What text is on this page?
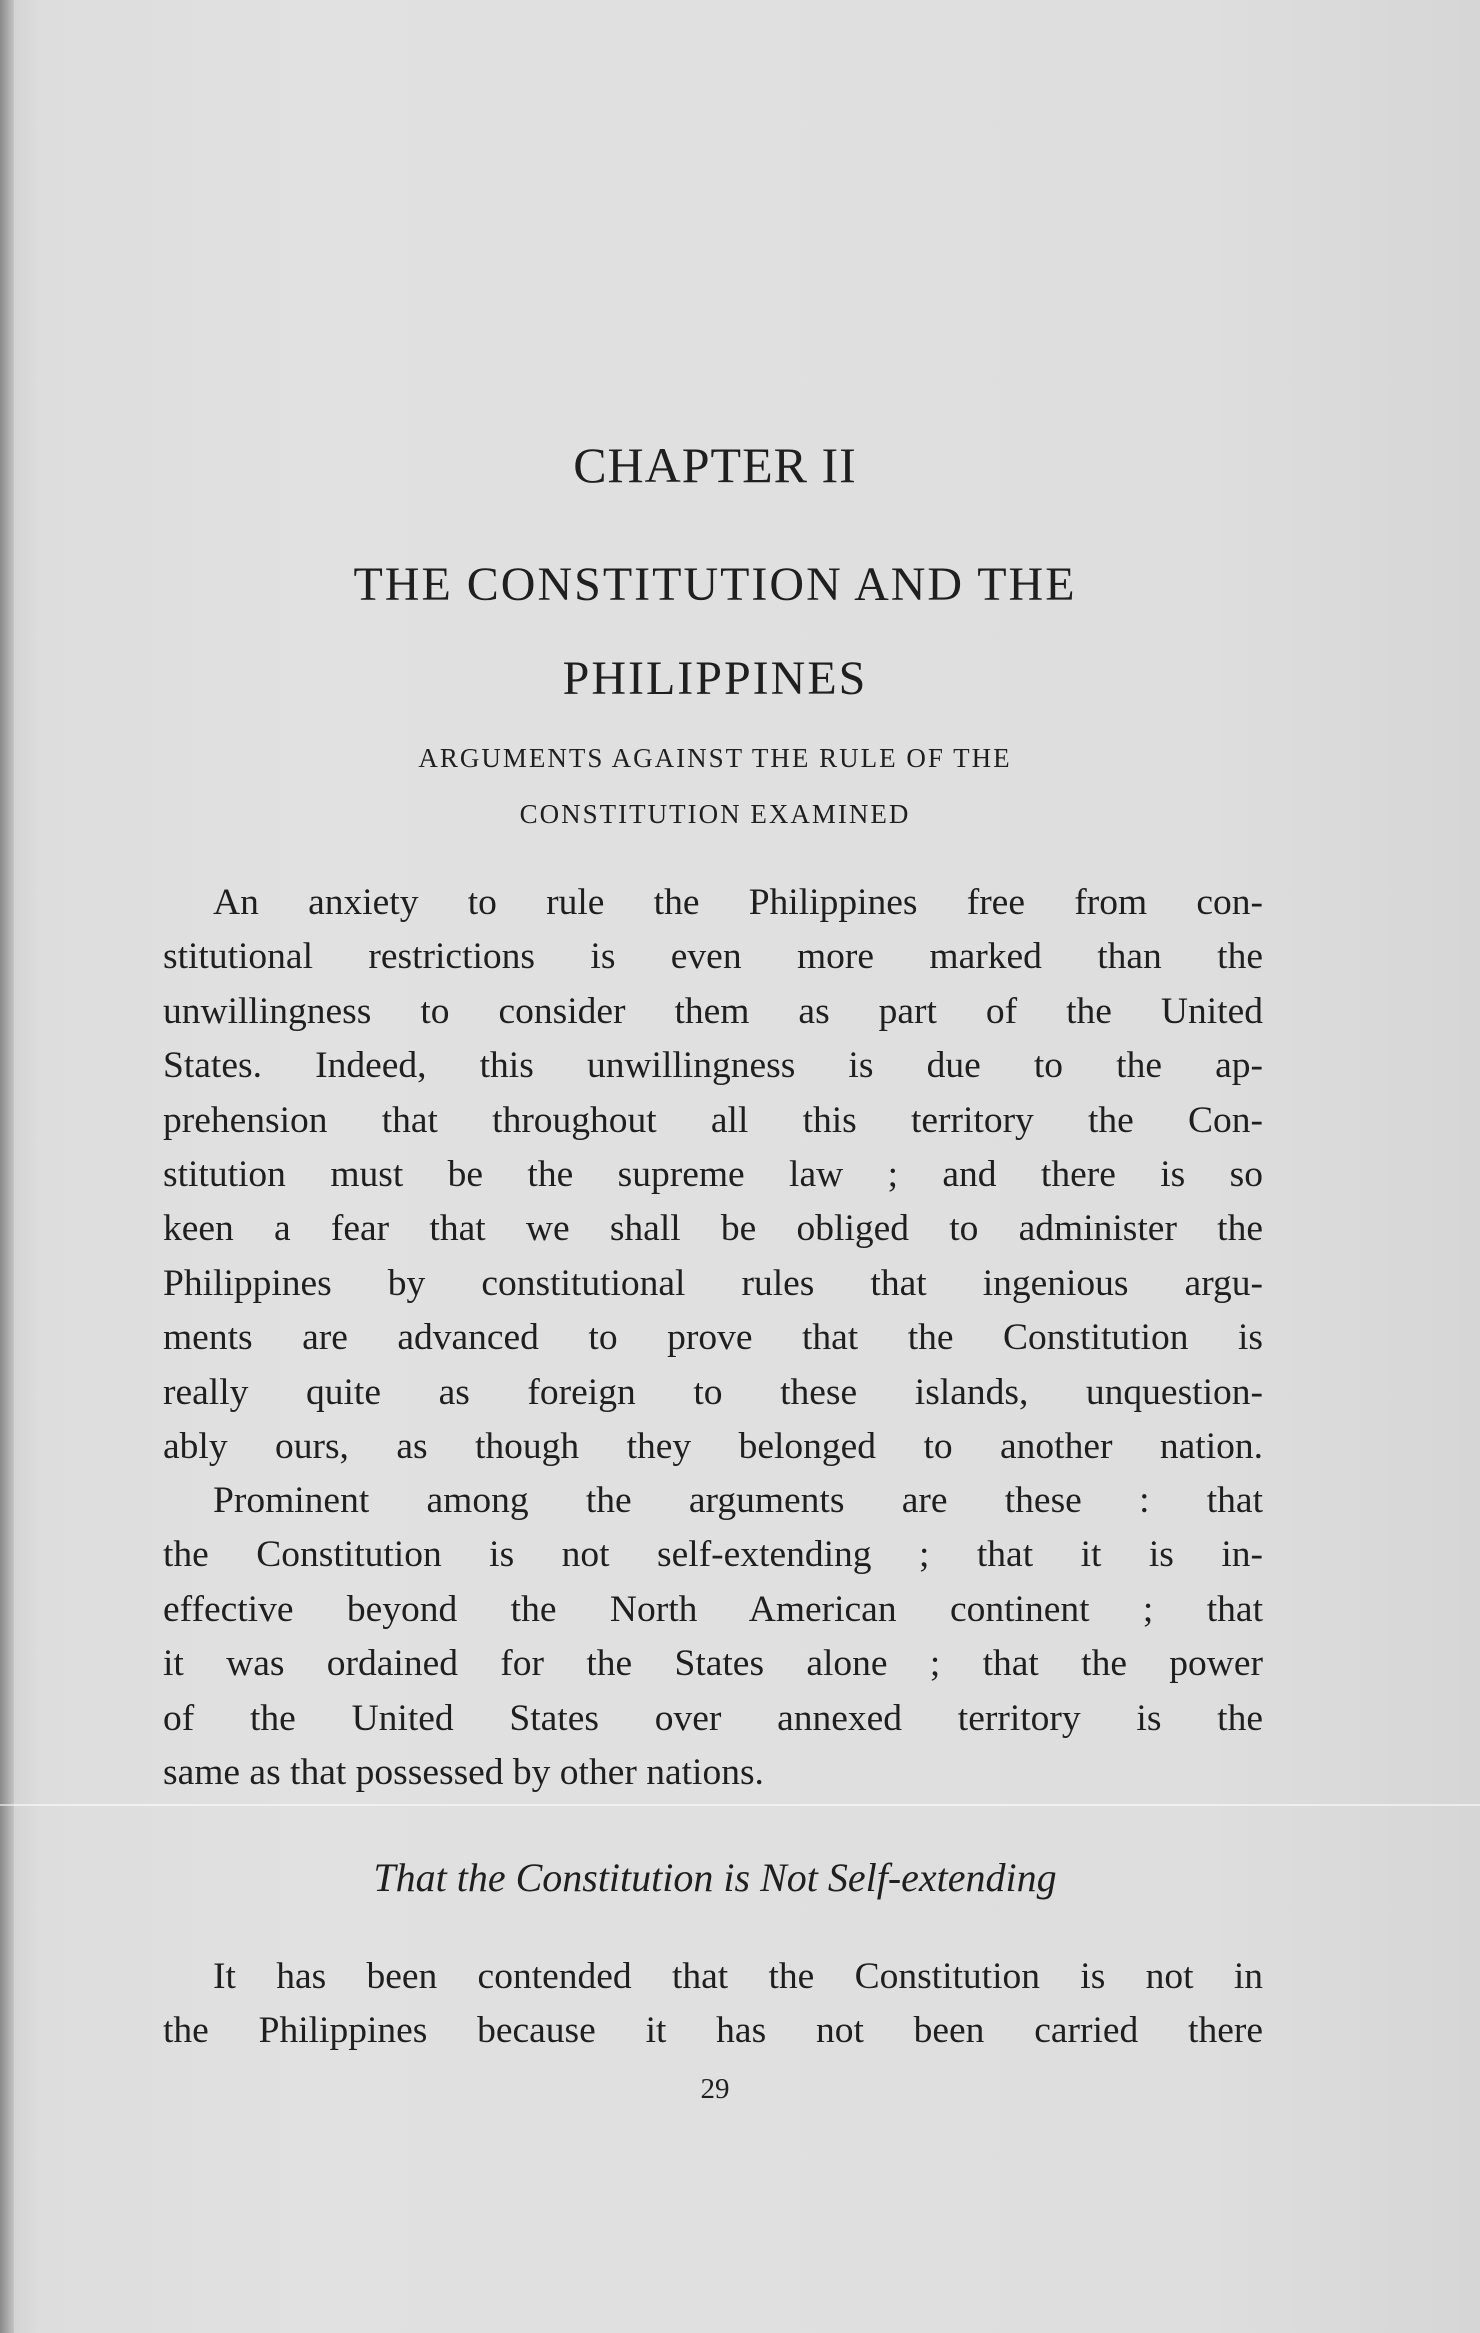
CHAPTER II
THE CONSTITUTION AND THE
PHILIPPINES
ARGUMENTS AGAINST THE RULE OF THE
CONSTITUTION EXAMINED
An anxiety to rule the Philippines free from con-
stitutional restrictions is even more marked than the
unwillingness to consider them as part of the United
States. Indeed, this unwillingness is due to the ap-
prehension that throughout all this territory the Con-
stitution must be the supreme law ; and there is so
keen a fear that we shall be obliged to administer the
Philippines by constitutional rules that ingenious argu-
ments are advanced to prove that the Constitution is
really quite as foreign to these islands, unquestion-
ably ours, as though they belonged to another nation.
Prominent among the arguments are these : that
the Constitution is not self-extending ; that it is in-
effective beyond the North American continent ; that
it was ordained for the States alone ; that the power
of the United States over annexed territory is the
same as that possessed by other nations.
That the Constitution is Not Self-extending
It has been contended that the Constitution is not in
the Philippines because it has not been carried there
29
